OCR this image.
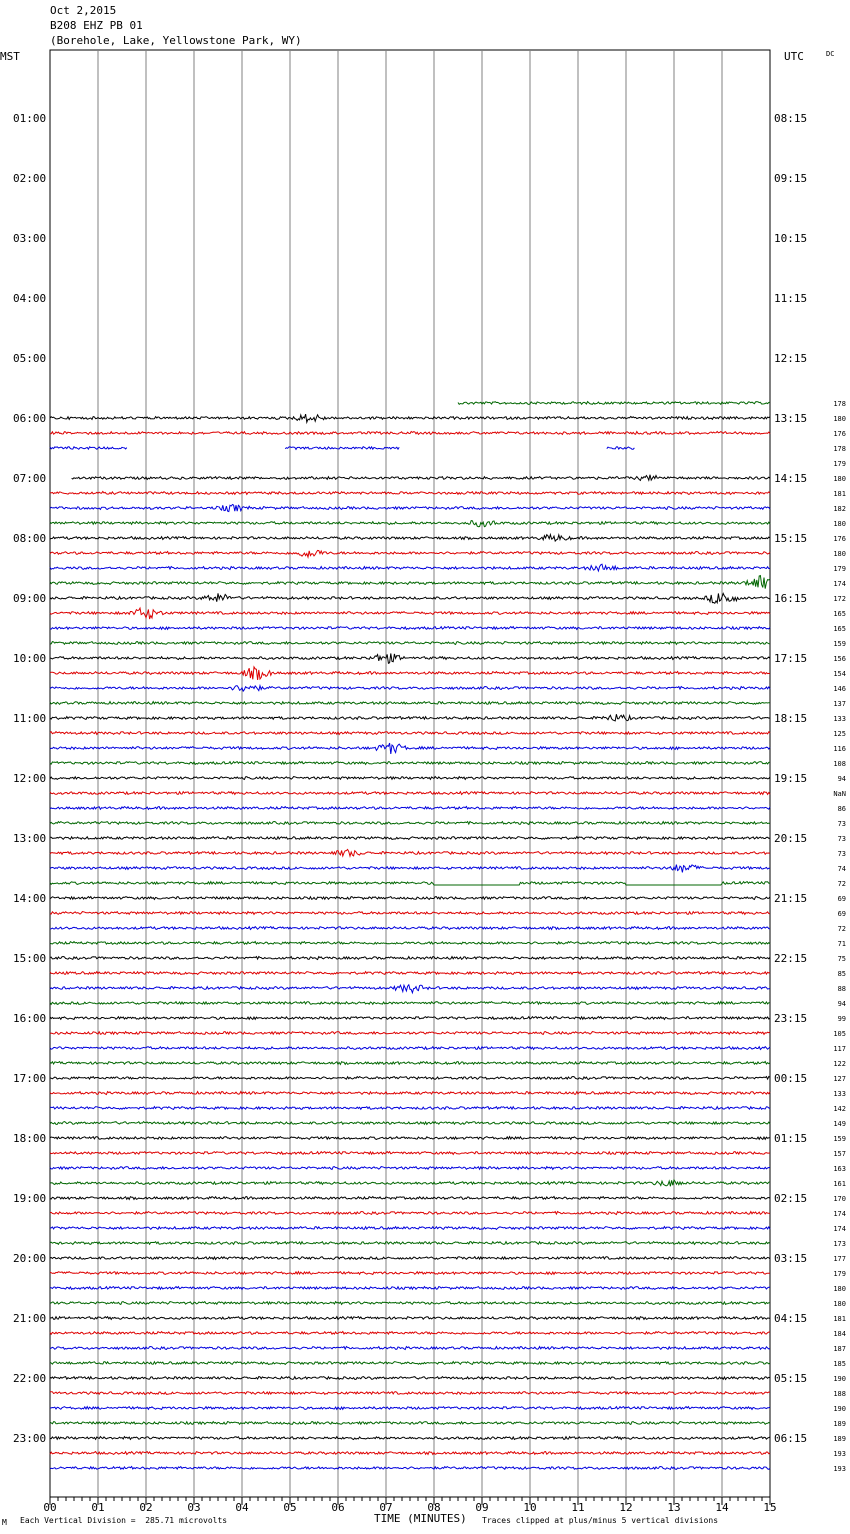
Oct 2,2015
B208 EHZ PB 01
(Borehole, Lake, Yellowstone Park, WY)
MST	UTC	DC
01:00
02:00
03:00
04:00
05:00
06:00
07:00
08:00
09:00
10:00
11:00
12:00
13:00
14:00
15:00
16:00
17:00
18:00
19:00
20:00
21:00
22:00
23:00
08:15
09:15
10:15
11:15
12:15
13:15
14:15
15:15
16:15
17:15
18:15
19:15
20:15
21:15
22:15
23:15
00:15
01:15
02:15
03:15
04:15
05:15
06:15
178
180
176
178
179
180
181
182
180
176
180
179
174
172
165
165
159
156
154
146
137
133
125
116
108
94
NaN
86
73
73
73
74
72
69
69
72
71
75
85
88
94
99
105
117
122
127
133
142
149
159
157
163
161
170
174
174
173
177
179
180
180
181
184
187
185
190
188
190
189
189
193
193
00	01	02	03	04	05	06	07	08	09	10	11	12	13	14	15
M Each Vertical Division =  285.71 microvolts	TIME (MINUTES) Traces clipped at plus/minus 5 vertical divisions
